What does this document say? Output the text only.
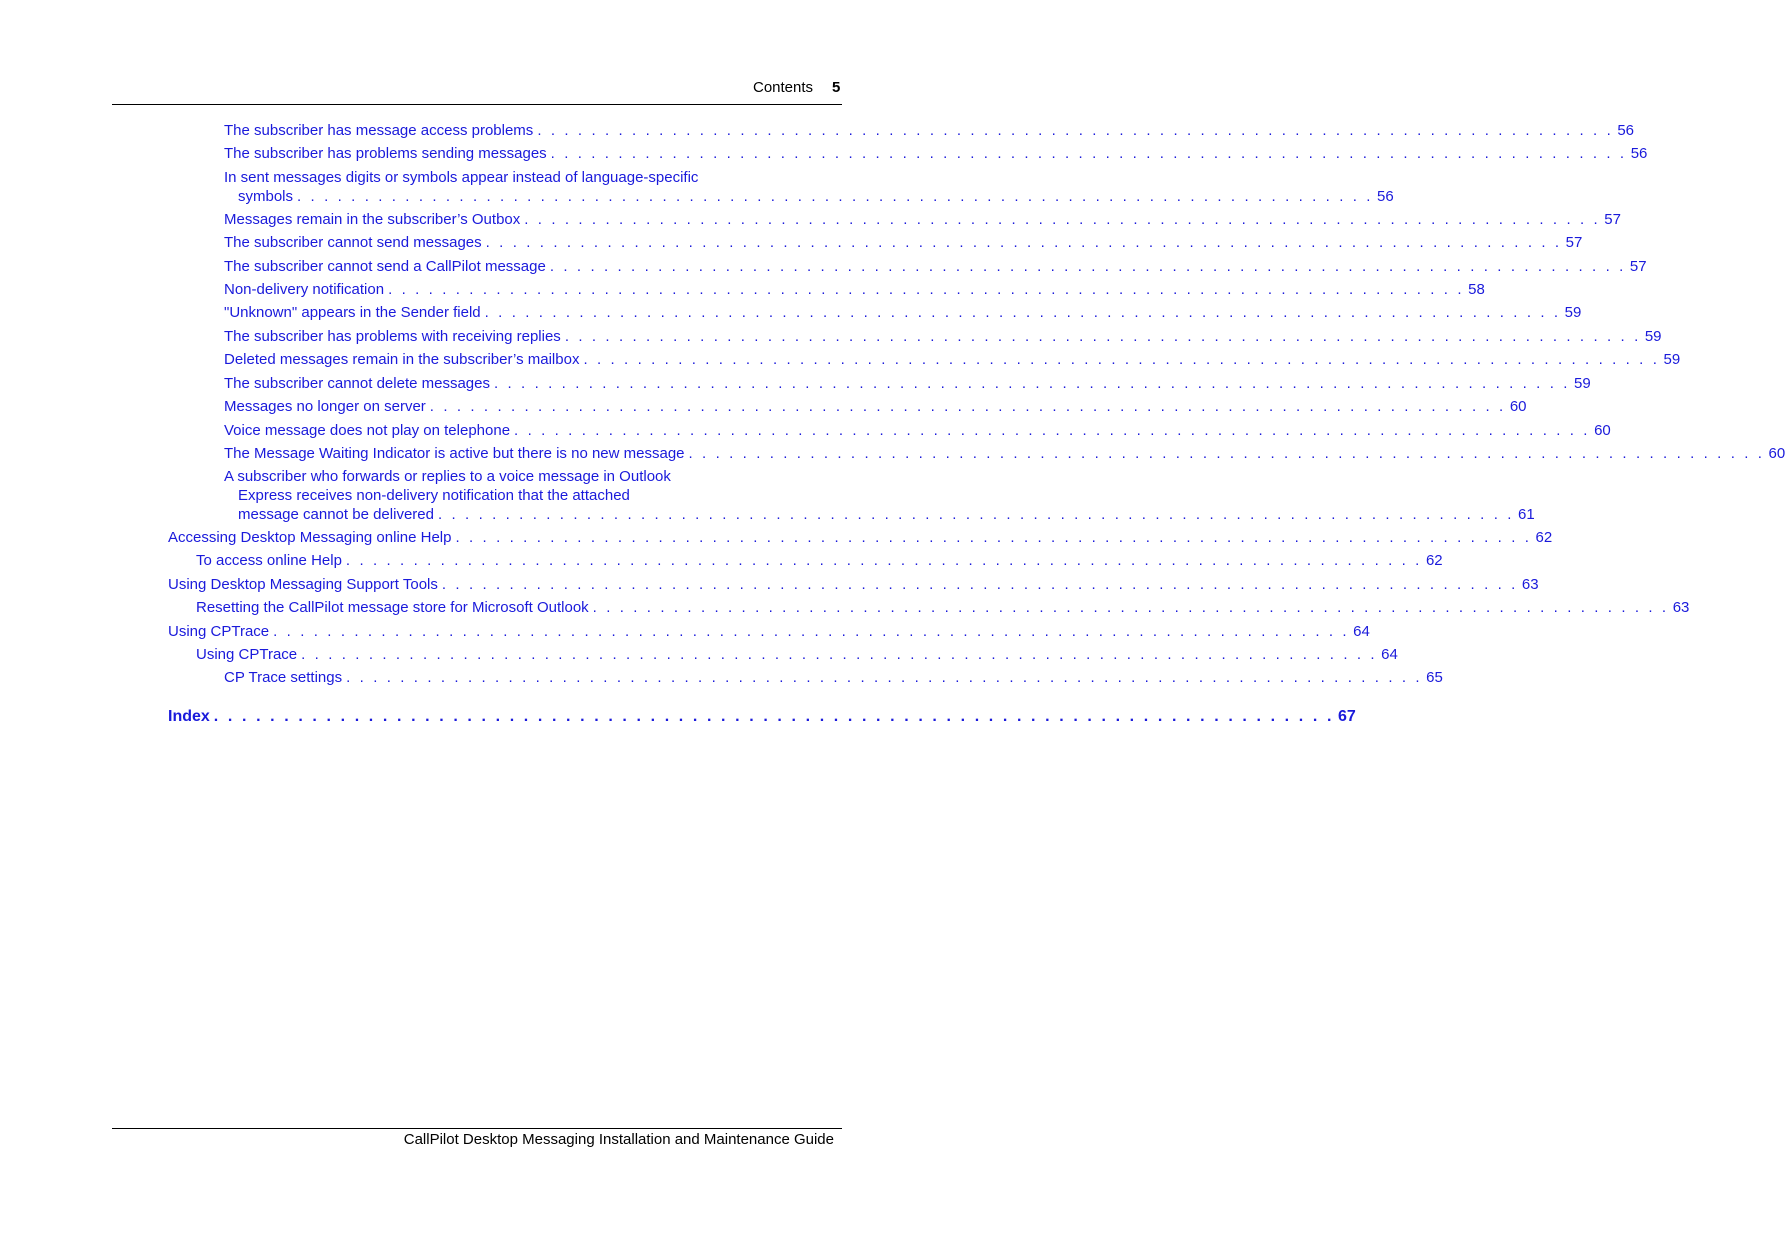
Contents 5
The subscriber has message access problems . . . . . . . . . . . . . . . . . . . . . . . . . . . . . . . . . . . . . . . . . . . . . . . . . . . . . . . . . . . . . . . . . . . . . . . . . . . . . . . . 56
The subscriber has problems sending messages . . . . . . . . . . . . . . . . . . . . . . . . . . . . . . . . . . . . . . . . . . . . . . . . . . . . . . . . . . . . . . . . . . . . . . . . . . . . . . . . 56
In sent messages digits or symbols appear instead of language-specific
symbols . . . . . . . . . . . . . . . . . . . . . . . . . . . . . . . . . . . . . . . . . . . . . . . . . . . . . . . . . . . . . . . . . . . . . . . . . . . . . . . . 56
Messages remain in the subscriber’s Outbox . . . . . . . . . . . . . . . . . . . . . . . . . . . . . . . . . . . . . . . . . . . . . . . . . . . . . . . . . . . . . . . . . . . . . . . . . . . . . . . . 57
The subscriber cannot send messages . . . . . . . . . . . . . . . . . . . . . . . . . . . . . . . . . . . . . . . . . . . . . . . . . . . . . . . . . . . . . . . . . . . . . . . . . . . . . . . . 57
The subscriber cannot send a CallPilot message . . . . . . . . . . . . . . . . . . . . . . . . . . . . . . . . . . . . . . . . . . . . . . . . . . . . . . . . . . . . . . . . . . . . . . . . . . . . . . . . 57
Non-delivery notification . . . . . . . . . . . . . . . . . . . . . . . . . . . . . . . . . . . . . . . . . . . . . . . . . . . . . . . . . . . . . . . . . . . . . . . . . . . . . . . . 58
"Unknown" appears in the Sender field . . . . . . . . . . . . . . . . . . . . . . . . . . . . . . . . . . . . . . . . . . . . . . . . . . . . . . . . . . . . . . . . . . . . . . . . . . . . . . . . 59
The subscriber has problems with receiving replies . . . . . . . . . . . . . . . . . . . . . . . . . . . . . . . . . . . . . . . . . . . . . . . . . . . . . . . . . . . . . . . . . . . . . . . . . . . . . . . . 59
Deleted messages remain in the subscriber’s mailbox . . . . . . . . . . . . . . . . . . . . . . . . . . . . . . . . . . . . . . . . . . . . . . . . . . . . . . . . . . . . . . . . . . . . . . . . . . . . . . . . 59
The subscriber cannot delete messages . . . . . . . . . . . . . . . . . . . . . . . . . . . . . . . . . . . . . . . . . . . . . . . . . . . . . . . . . . . . . . . . . . . . . . . . . . . . . . . . 59
Messages no longer on server . . . . . . . . . . . . . . . . . . . . . . . . . . . . . . . . . . . . . . . . . . . . . . . . . . . . . . . . . . . . . . . . . . . . . . . . . . . . . . . . 60
Voice message does not play on telephone . . . . . . . . . . . . . . . . . . . . . . . . . . . . . . . . . . . . . . . . . . . . . . . . . . . . . . . . . . . . . . . . . . . . . . . . . . . . . . . . 60
The Message Waiting Indicator is active but there is no new message . . . . . . . . . . . . . . . . . . . . . . . . . . . . . . . . . . . . . . . . . . . . . . . . . . . . . . . . . . . . . . . . . . . . . . . . . . . . . . . . 60
A subscriber who forwards or replies to a voice message in Outlook
Express receives non-delivery notification that the attached
message cannot be delivered . . . . . . . . . . . . . . . . . . . . . . . . . . . . . . . . . . . . . . . . . . . . . . . . . . . . . . . . . . . . . . . . . . . . . . . . . . . . . . . . 61
Accessing Desktop Messaging online Help . . . . . . . . . . . . . . . . . . . . . . . . . . . . . . . . . . . . . . . . . . . . . . . . . . . . . . . . . . . . . . . . . . . . . . . . . . . . . . . . 62
To access online Help . . . . . . . . . . . . . . . . . . . . . . . . . . . . . . . . . . . . . . . . . . . . . . . . . . . . . . . . . . . . . . . . . . . . . . . . . . . . . . . . 62
Using Desktop Messaging Support Tools . . . . . . . . . . . . . . . . . . . . . . . . . . . . . . . . . . . . . . . . . . . . . . . . . . . . . . . . . . . . . . . . . . . . . . . . . . . . . . . . 63
Resetting the CallPilot message store for Microsoft Outlook . . . . . . . . . . . . . . . . . . . . . . . . . . . . . . . . . . . . . . . . . . . . . . . . . . . . . . . . . . . . . . . . . . . . . . . . . . . . . . . . 63
Using CPTrace . . . . . . . . . . . . . . . . . . . . . . . . . . . . . . . . . . . . . . . . . . . . . . . . . . . . . . . . . . . . . . . . . . . . . . . . . . . . . . . . 64
Using CPTrace . . . . . . . . . . . . . . . . . . . . . . . . . . . . . . . . . . . . . . . . . . . . . . . . . . . . . . . . . . . . . . . . . . . . . . . . . . . . . . . . 64
CP Trace settings . . . . . . . . . . . . . . . . . . . . . . . . . . . . . . . . . . . . . . . . . . . . . . . . . . . . . . . . . . . . . . . . . . . . . . . . . . . . . . . . 65
Index . . . . . . . . . . . . . . . . . . . . . . . . . . . . . . . . . . . . . . . . . . . . . . . . . . . . . . . . . . . . . . . . . . . . . . . . . . . . . . . . 67
CallPilot Desktop Messaging Installation and Maintenance Guide
